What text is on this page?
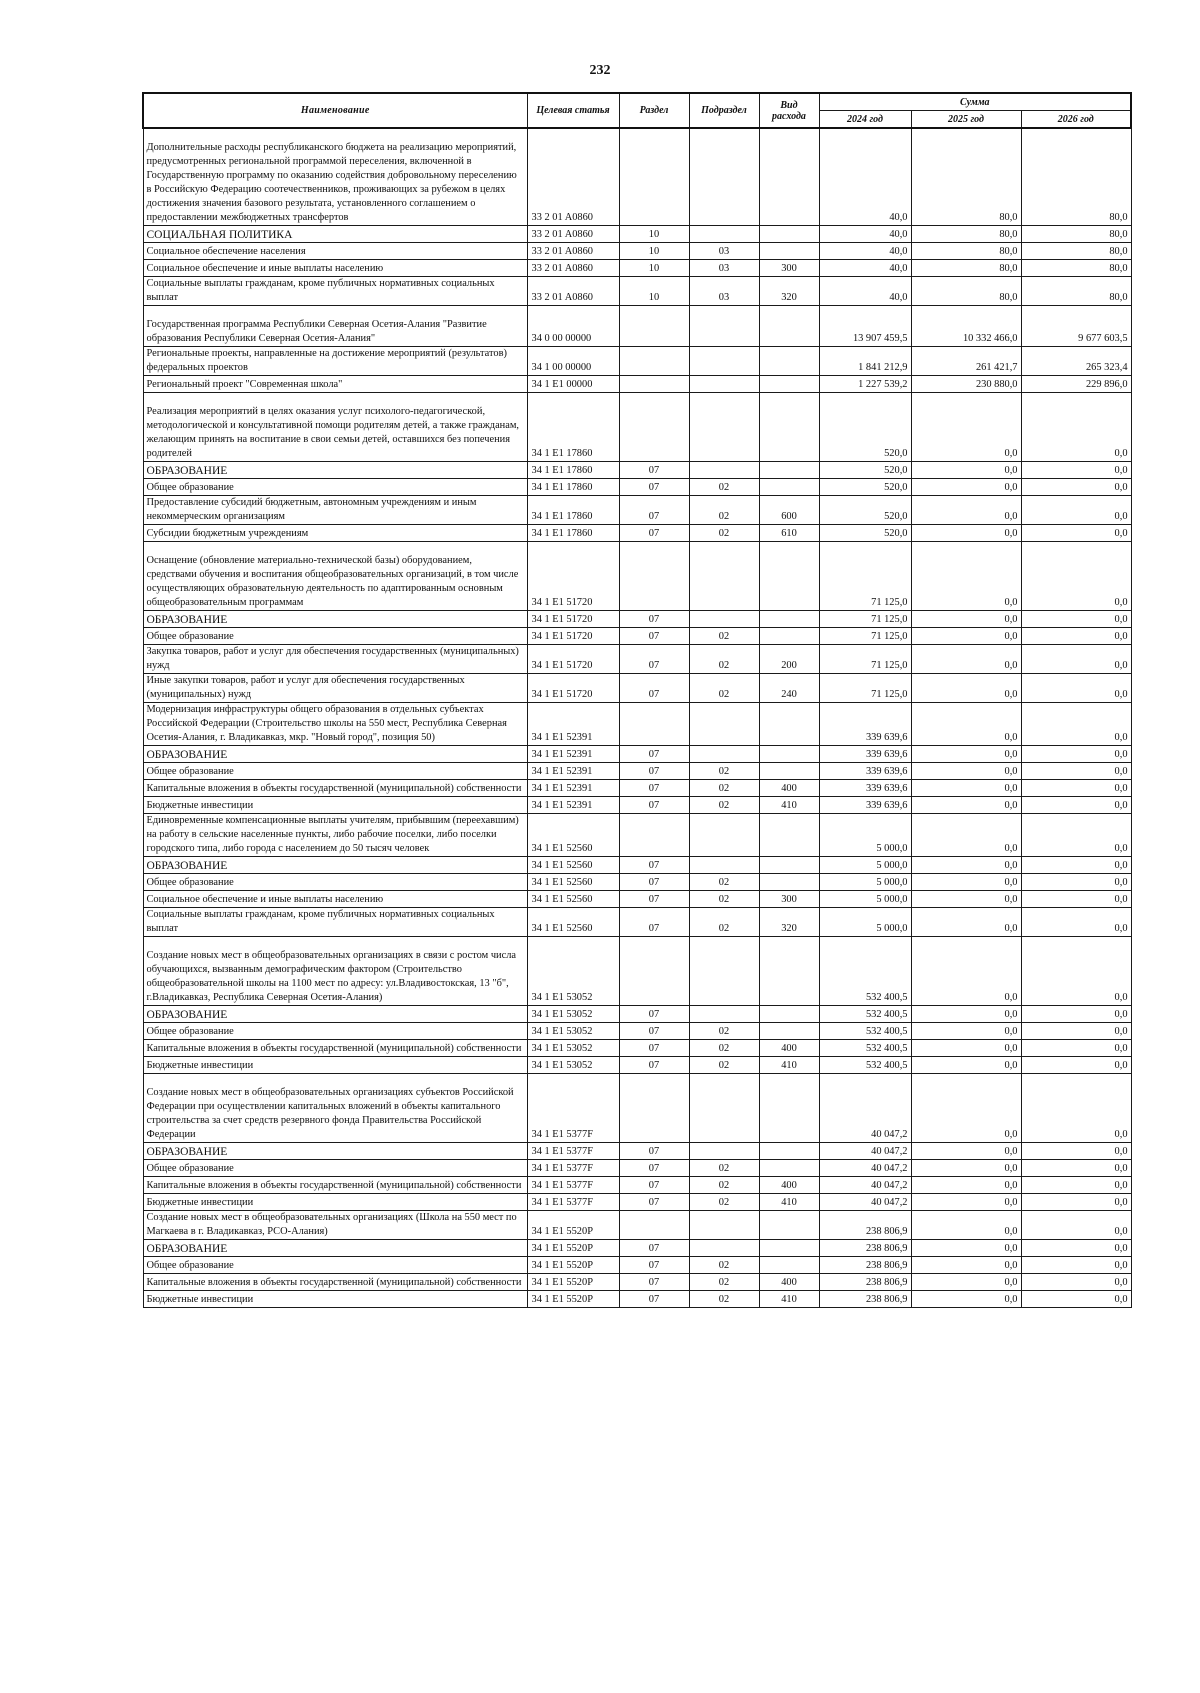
232
Наименование	Целевая статья	Раздел	Подраздел	Вид расхода	Сумма		
					2024 год	2025 год	2026 год
Дополнительные расходы республиканского бюджета на реализацию мероприятий, предусмотренных региональной программой переселения, включенной в Государственную программу по оказанию содействия добровольному переселению в Российскую Федерацию соотечественников, проживающих за рубежом в целях достижения значения базового результата, установленного соглашением о предоставлении межбюджетных трансфертов	33 2 01 A0860				40,0	80,0	80,0
СОЦИАЛЬНАЯ ПОЛИТИКА	33 2 01 A0860	10			40,0	80,0	80,0
Социальное обеспечение населения	33 2 01 A0860	10	03		40,0	80,0	80,0
Социальное обеспечение и иные выплаты населению	33 2 01 A0860	10	03	300	40,0	80,0	80,0
Социальные выплаты гражданам, кроме публичных нормативных социальных выплат	33 2 01 A0860	10	03	320	40,0	80,0	80,0
Государственная программа Республики Северная Осетия-Алания "Развитие образования Республики Северная Осетия-Алания"	34 0 00 00000				13 907 459,5	10 332 466,0	9 677 603,5
Региональные проекты, направленные на достижение мероприятий (результатов) федеральных проектов	34 1 00 00000				1 841 212,9	261 421,7	265 323,4
Региональный проект "Современная школа"	34 1 E1 00000				1 227 539,2	230 880,0	229 896,0
Реализация мероприятий в целях оказания услуг психолого-педагогической, методологической и консультативной помощи родителям детей, а также гражданам, желающим принять на воспитание в свои семьи детей, оставшихся без попечения родителей	34 1 E1 17860				520,0	0,0	0,0
ОБРАЗОВАНИЕ	34 1 E1 17860	07			520,0	0,0	0,0
Общее образование	34 1 E1 17860	07	02		520,0	0,0	0,0
Предоставление субсидий бюджетным, автономным учреждениям и иным некоммерческим организациям	34 1 E1 17860	07	02	600	520,0	0,0	0,0
Субсидии бюджетным учреждениям	34 1 E1 17860	07	02	610	520,0	0,0	0,0
Оснащение (обновление материально-технической базы) оборудованием, средствами обучения и воспитания общеобразовательных организаций, в том числе осуществляющих образовательную деятельность по адаптированным основным общеобразовательным программам	34 1 E1 51720				71 125,0	0,0	0,0
ОБРАЗОВАНИЕ	34 1 E1 51720	07			71 125,0	0,0	0,0
Общее образование	34 1 E1 51720	07	02		71 125,0	0,0	0,0
Закупка товаров, работ и услуг для обеспечения государственных (муниципальных) нужд	34 1 E1 51720	07	02	200	71 125,0	0,0	0,0
Иные закупки товаров, работ и услуг для обеспечения государственных (муниципальных) нужд	34 1 E1 51720	07	02	240	71 125,0	0,0	0,0
Модернизация инфраструктуры общего образования в отдельных субъектах Российской Федерации (Строительство школы на 550 мест, Республика Северная Осетия-Алания, г. Владикавказ, мкр. "Новый город", позиция 50)	34 1 E1 52391				339 639,6	0,0	0,0
ОБРАЗОВАНИЕ	34 1 E1 52391	07			339 639,6	0,0	0,0
Общее образование	34 1 E1 52391	07	02		339 639,6	0,0	0,0
Капитальные вложения в объекты государственной (муниципальной) собственности	34 1 E1 52391	07	02	400	339 639,6	0,0	0,0
Бюджетные инвестиции	34 1 E1 52391	07	02	410	339 639,6	0,0	0,0
Единовременные компенсационные выплаты учителям, прибывшим (переехавшим) на работу в сельские населенные пункты, либо рабочие поселки, либо поселки городского типа, либо города с населением до 50 тысяч человек	34 1 E1 52560				5 000,0	0,0	0,0
ОБРАЗОВАНИЕ	34 1 E1 52560	07			5 000,0	0,0	0,0
Общее образование	34 1 E1 52560	07	02		5 000,0	0,0	0,0
Социальное обеспечение и иные выплаты населению	34 1 E1 52560	07	02	300	5 000,0	0,0	0,0
Социальные выплаты гражданам, кроме публичных нормативных социальных выплат	34 1 E1 52560	07	02	320	5 000,0	0,0	0,0
Создание новых мест в общеобразовательных организациях в связи с ростом числа обучающихся, вызванным демографическим фактором (Строительство общеобразовательной школы на 1100 мест по адресу: ул.Владивостокская, 13 "б", г.Владикавказ, Республика Северная Осетия-Алания)	34 1 E1 53052				532 400,5	0,0	0,0
ОБРАЗОВАНИЕ	34 1 E1 53052	07			532 400,5	0,0	0,0
Общее образование	34 1 E1 53052	07	02		532 400,5	0,0	0,0
Капитальные вложения в объекты государственной (муниципальной) собственности	34 1 E1 53052	07	02	400	532 400,5	0,0	0,0
Бюджетные инвестиции	34 1 E1 53052	07	02	410	532 400,5	0,0	0,0
Создание новых мест в общеобразовательных организациях субъектов Российской Федерации при осуществлении капитальных вложений в объекты капитального строительства за счет средств резервного фонда Правительства Российской Федерации	34 1 E1 5377F				40 047,2	0,0	0,0
ОБРАЗОВАНИЕ	34 1 E1 5377F	07			40 047,2	0,0	0,0
Общее образование	34 1 E1 5377F	07	02		40 047,2	0,0	0,0
Капитальные вложения в объекты государственной (муниципальной) собственности	34 1 E1 5377F	07	02	400	40 047,2	0,0	0,0
Бюджетные инвестиции	34 1 E1 5377F	07	02	410	40 047,2	0,0	0,0
Создание новых мест в общеобразовательных организациях (Школа на 550 мест по Магкаева в г. Владикавказ, РСО-Алания)	34 1 E1 5520P				238 806,9	0,0	0,0
ОБРАЗОВАНИЕ	34 1 E1 5520P	07			238 806,9	0,0	0,0
Общее образование	34 1 E1 5520P	07	02		238 806,9	0,0	0,0
Капитальные вложения в объекты государственной (муниципальной) собственности	34 1 E1 5520P	07	02	400	238 806,9	0,0	0,0
Бюджетные инвестиции	34 1 E1 5520P	07	02	410	238 806,9	0,0	0,0
